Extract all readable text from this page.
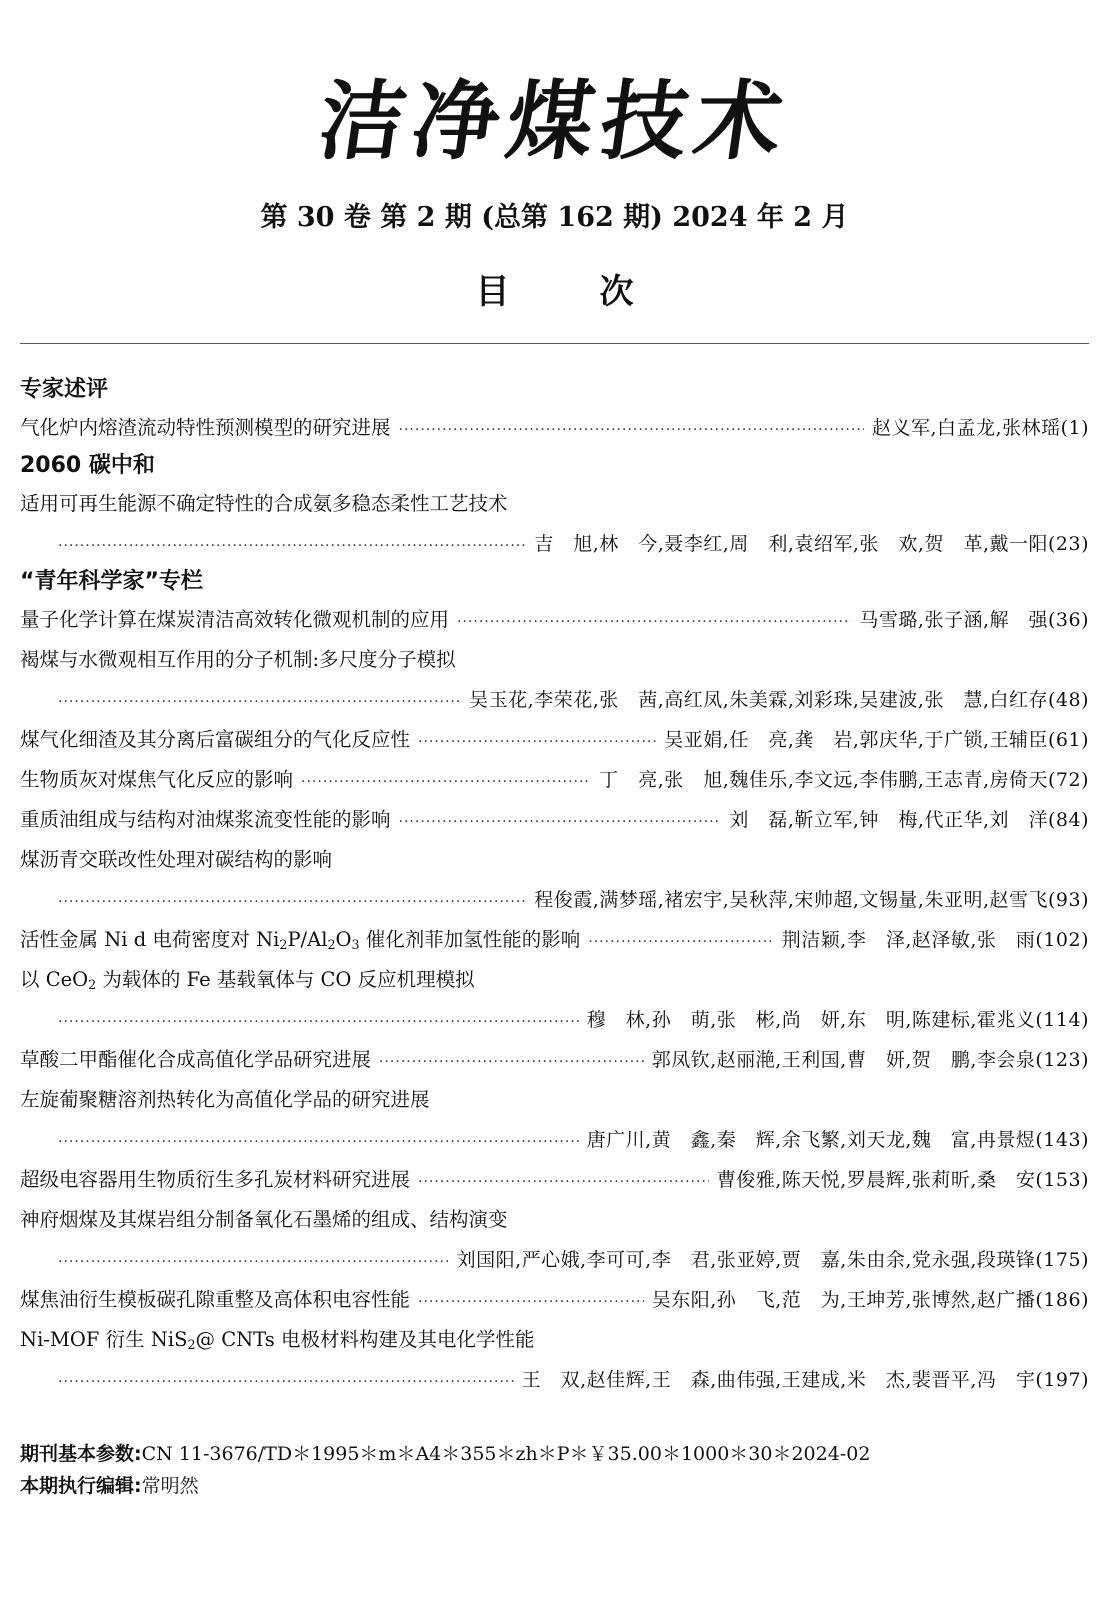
洁净煤技术
第 30 卷 第 2 期 (总第 162 期) 2024 年 2 月
目	次
专家述评
气化炉内熔渣流动特性预测模型的研究进展 ·····	赵义军,白孟龙,张林瑶(1)
2060 碳中和
适用可再生能源不确定特性的合成氨多稳态柔性工艺技术
·····
吉　旭,林　今,聂李红,周　利,袁绍军,张　欢,贺　革,戴一阳(23)
“青年科学家”专栏
量子化学计算在煤炭清洁高效转化微观机制的应用 ·····	马雪璐,张子涵,解　强(36)
褐煤与水微观相互作用的分子机制:多尺度分子模拟
·····
吴玉花,李荣花,张　茜,高红凤,朱美霖,刘彩珠,吴建波,张　慧,白红存(48)
煤气化细渣及其分离后富碳组分的气化反应性 ·····	吴亚娟,任　亮,龚　岩,郭庆华,于广锁,王辅臣(61)
生物质灰对煤焦气化反应的影响 ·····	丁　亮,张　旭,魏佳乐,李文远,李伟鹏,王志青,房倚天(72)
重质油组成与结构对油煤浆流变性能的影响 ·····	刘　磊,靳立军,钟　梅,代正华,刘　洋(84)
煤沥青交联改性处理对碳结构的影响
·····
程俊霞,满梦瑶,褚宏宇,吴秋萍,宋帅超,文锡量,朱亚明,赵雪飞(93)
活性金属 Ni d 电荷密度对 $Ni_2P/Al_2O_3$ 催化剂菲加氢性能的影响 ·····	荆洁颖,李　泽,赵泽敏,张　雨(102)
以 CeO$_2$ 为载体的 Fe 基载氧体与 CO 反应机理模拟
·····
穆　林,孙　萌,张　彬,尚　妍,东　明,陈建标,霍兆义(114)
草酸二甲酯催化合成高值化学品研究进展 ·····	郭凤钦,赵丽滟,王利国,曹　妍,贺　鹏,李会泉(123)
左旋葡聚糖溶剂热转化为高值化学品的研究进展
·····
唐广川,黄　鑫,秦　辉,余飞繁,刘天龙,魏　富,冉景煜(143)
超级电容器用生物质衍生多孔炭材料研究进展 ·····	曹俊雅,陈天悦,罗晨辉,张莉昕,桑　安(153)
神府烟煤及其煤岩组分制备氧化石墨烯的组成、结构演变
·····
刘国阳,严心娥,李可可,李　君,张亚婷,贾　嘉,朱由余,党永强,段瑛锋(175)
煤焦油衍生模板碳孔隙重整及高体积电容性能 ·····	吴东阳,孙　飞,范　为,王坤芳,张博然,赵广播(186)
Ni-MOF 衍生 NiS$_2$@ CNTs 电极材料构建及其电化学性能
·····
王　双,赵佳辉,王　森,曲伟强,王建成,米　杰,裴晋平,冯　宇(197)
期刊基本参数:CN 11-3676/TD＊1995＊m＊A4＊355＊zh＊P＊￥35.00＊1000＊30＊2024-02
本期执行编辑:常明然
